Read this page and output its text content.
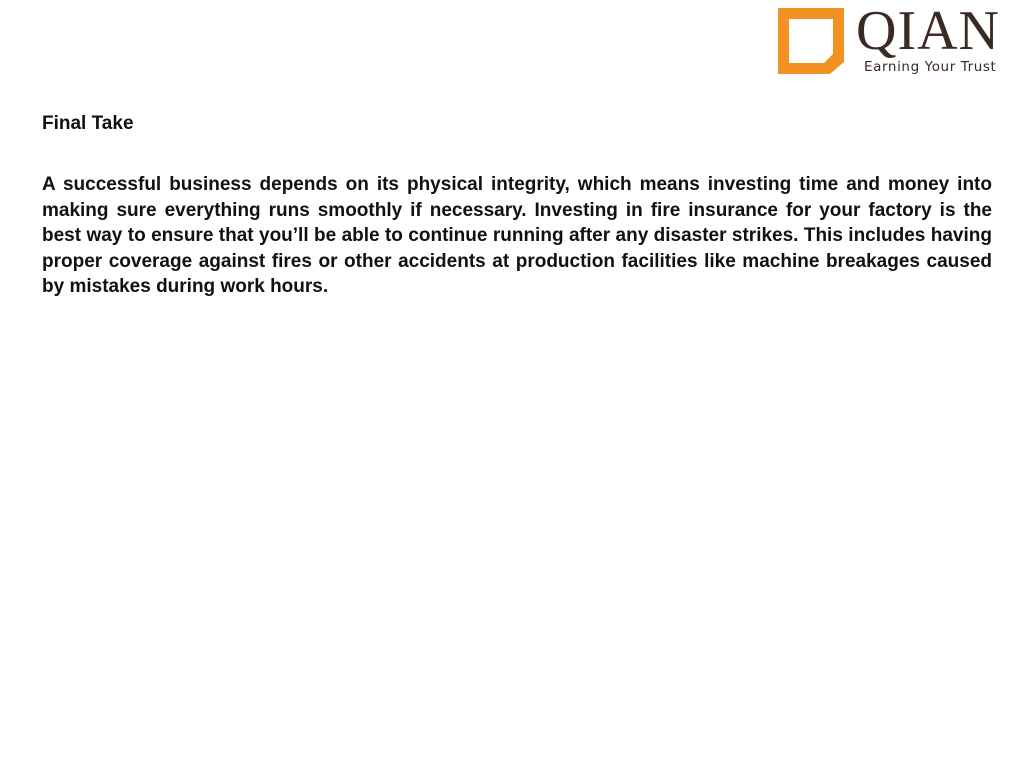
QIAN
Earning Your Trust
Final Take

A successful business depends on its physical integrity, which means investing time and money into making sure everything runs smoothly if necessary. Investing in fire insurance for your factory is the best way to ensure that you’ll be able to continue running after any disaster strikes. This includes having proper coverage against fires or other accidents at production facilities like machine breakages caused by mistakes during work hours.
